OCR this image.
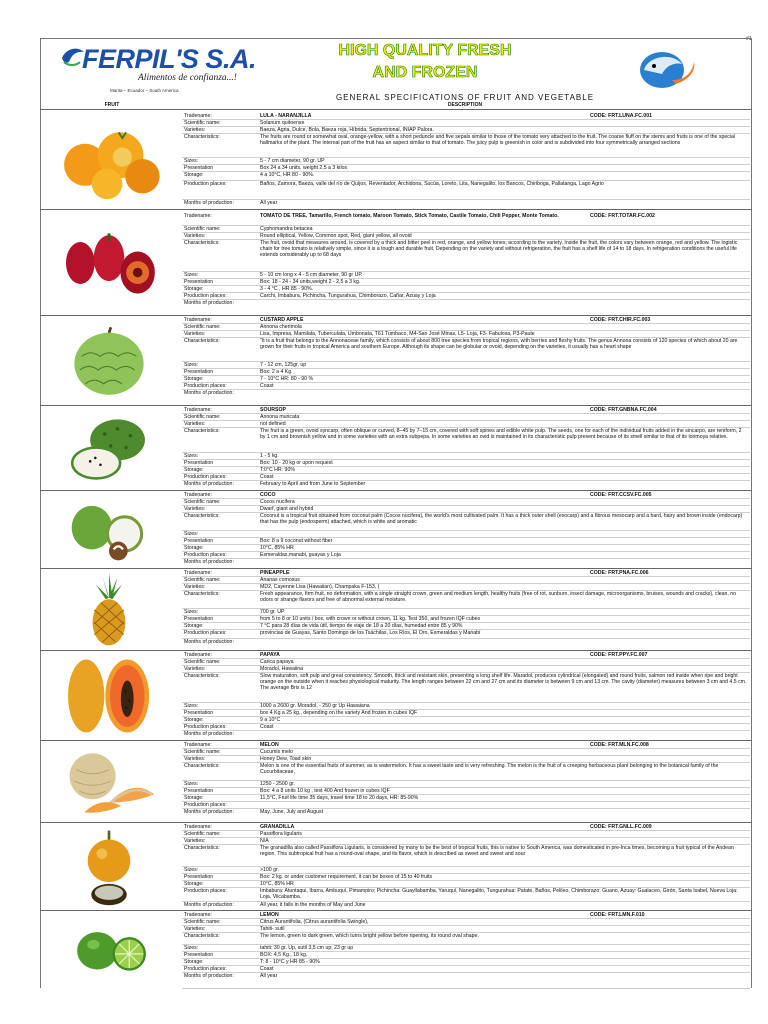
#1
FERPIL'S S.A.
Alimentos de confianza...!
Manta – Ecuador – South America
HIGH QUALITY FRESH
AND FROZEN
GENERAL SPECIFICATIONS OF FRUIT AND VEGETABLE
FRUIT	DESCRIPTION
Tradename:	LULA - NARANJILLA	CODE: FRT.LUNA.FC.001
Scientific name:	Solanum quitoense
Varieties:	Baeza, Agria, Dulce, Bola, Baeza roja, Híbrida, Septentrional, INIAP Palora.
Characteristics:	The fruits are round or somewhat oval, orange-yellow, with a short peduncle and five sepals similar to those of the tomato very attached to the fruit. The coarse fluff on the stems and fruits is one of the special hallmarks of the plant. The internal part of the fruit has an aspect similar to that of tomato. The juicy pulp is greenish in color and is subdivided into four symmetrically arranged sections
Sizes:	5 - 7 cm diameter, 90 gr. UP
Presentation	Box 24 a 34 units, weight 2,5 a 3 kilos
Storage:	4 a 10°C, HR 80 - 90%.
Production places:	Baños, Zamora, Baeza, valle del río de Quijos, Reventador, Archidona, Sucúa, Loreto, Lita, Nanegalito, los Bancos, Chiriboga, Pallatanga, Lago Agrio
Months of production:	All year
Tradename:	TOMATO DE TREE, Tamarillo, French tomato, Maroon Tomato, Stick Tomato, Castile Tomato, Chili Pepper, Monte Tomato.	CODE: FRT.TOTAR.FC.002
Scientific name:	Cyphomandra betacea
Varieties:	Round elliptical, Yellow, Common spot, Red, giant yellow, all ovoid
Characteristics:	The fruit, ovoid that measures around, is covered by a thick and bitter peel in red, orange, and yellow tones; according to the variety. Inside the fruit, the colors vary between orange, red and yellow. The logistic chain for tree tomato is relatively simple, since it is a tough and durable fruit. Depending on the variety and without refrigeration, the fruit has a shelf life of 14 to 18 days. In refrigeration conditions the useful life extends considerably up to 68 days
Sizes:	5 - 10 cm long x 4 - 5 cm diameter, 90 gr UP.
Presentation	Box: 18 - 24 - 34 units,weight 2 - 2,5 a 3 kg.
Storage:	3 - 4 °C , HR 85 - 90%.
Production places:	Carchi, Imbabura, Pichincha, Tungurahua, Chimborazo, Cañar, Azuay y Loja
Months of production:
Tradename:	CUSTARD APPLE	CODE: FRT.CHIR.FC.003
Scientific name:	Annona cherimola
Varieties:	Lisa, Impresa, Mamilata, Tuberculata, Umbonata, T61 Tumbaco, M4-San José Minas, L5- Loja, F3- Fabulosa, P3-Paute
Characteristics:	"It is a fruit that belongs to the Annonaceae family, which consists of about 800 tree species from tropical regions, with berries and fleshy fruits. The genus Annona consists of 120 species of which about 20 are grown for their fruits in tropical America and southern Europe. Although its shape can be globular or ovoid, depending on the varieties, it usually has a heart shape
Sizes:	7 - 12 cm, 125gr. up
Presentation	Box: 2 a 4 Kg.
Storage:	7 - 10°C HR: 80 - 90 %
Production places:	Coast
Months of production:
Tradename:	SOURSOP	CODE: FRT.GNBNA.FC.004
Scientific name:	Annona muricata
Varieties:	not defined
Characteristics:	The fruit is a green, ovoid syncarp, often oblique or curved, 8–45 by 7–15 cm, covered with soft spines and edible white pulp. The seeds, one for each of the individual fruits added in the sincarpo, are reniform, 2 by 1 cm and brownish yellow and in some varieties with an extra subpepa. In some varieties an ovid is maintained in its characteristic pulp present because of its smell similar to that of its lorimoya relative.
Sizes:	1 - 5 kg.
Presentation	Box: 10 - 20 kg or upon request
Storage:	T:0°C HR: 90%
Production places:	Coast
Months of production:	February to April and from June to September
Tradename:	COCO	CODE: FRT.CCSV.FC.005
Scientific name:	Cocos nucifera
Varieties:	Dwarf, giant and hybrid
Characteristics:	Coconut is a tropical fruit obtained from coconut palm (Cocos nucifera), the world's most cultivated palm. It has a thick outer shell (exocarp) and a fibrous mesocarp and a hard, hairy and brown inside (endocarp) that has the pulp (endosperm) attached, which is white and aromatic
Sizes:
Presentation	Box: 8 a 9 coconut without fiber
Storage:	10°C, 85% HR
Production places:	Esmeraldas,manabi, guayas y Loja
Months of production:
Tradename:	PINEAPPLE	CODE: FRT.PNA.FC.006
Scientific name:	Ananas comosus
Varieties:	MD2, Cayenne Lisa (Hawaiian), Champaka F-153, (
Characteristics:	Fresh appearance, firm fruit, no deformation, with a single straight crown, green and medium length, healthy fruits (free of rot, sunburn, insect damage, microorganisms, bruises, wounds and cracks), clean, no odors or strange flavors and free of abnormal external moisture.
Sizes:	700 gr. UP
Presentation	from 5 to 8 or 10 units / box, with crown or without crown, 11 kg. Test 350, and frozen IQF cubes
Storage:	7 °C para 28 días de vida útil, tiempo de viaje de 18 a 20 días, humedad entre 85 y 90%
Production places:	provincias de Guayas, Santo Domingo de los Tsáchilas, Los Ríos, El Oro, Esmeraldas y Manabí
Months of production:
Tradename:	PAPAYA	CODE: FRT.PPY.FC.007
Scientific name:	Carica papaya
Varieties:	Moradol, Hawaiina
Characteristics:	Slow maturation, soft pulp and great consistency. Smooth, thick and resistant skin, presenting a long shelf life. Maradol, produces cylindrical (elongated) and round fruits, salmon red inside when ripe and bright orange on the outside when it reaches physiological maturity. The length ranges between 22 cm and 27 cm and its diameter is between 9 cm and 13 cm. The cavity (diameter) measures between 3 cm and 4.5 cm. The average Brix is 12
Sizes:	1000 a 2600 gr. Moradol, - 250 gr Up Hawaiana
Presentation	box 4 Kg a 25 kg., depending on the variety And frozen in cubes IQF
Storage:	9 a 10°C
Production places:	Coast
Months of production:
Tradename:	MELON	CODE: FRT.MLN.FC.008
Scientific name:	Cucumis melo
Varieties:	Honey Dew, Toad skin
Characteristics:	Melon is one of the essential fruits of summer, as is watermelon. It has a sweet taste and is very refreshing. The melon is the fruit of a creeping herbaceous plant belonging to the botanical family of the Cucurbitaceae,
Sizes:	1250 - 2500 gr.
Presentation	Box: 4 a 8 units 10 kg , test 400 And frozen in cubes IQF
Storage:	11,5°C, Fruit life time 35 days, travel time 18 to 20 days, HR: 85-90%
Production places:
Months of production:	May, June, July and August
Tradename:	GRANADILLA	CODE: FRT.GNLL.FC.009
Scientific name:	Passiflora ligularis
Varieties:	N/A
Characteristics:	The granadilla also called Passiflora Ligularis, is considered by many to be the best of tropical fruits, this is native to South America, was domesticated in pre-Inca times, becoming a fruit typical of the Andean region. This subtropical fruit has a round-oval shape, and its flavor, which is described as sweet and sweet and sour
Sizes:	>100 gr.
Presentation	Box: 2 kg. or under customer requirement, it can be boxes of 15 to 40 fruits
Storage:	10°C, 85% HR
Production places:	Imbabura: Atuntaqui, Ibarra, Ambuquí, Pimampiro; Pichincha: Guayllabamba, Yaruquí, Nanegalito, Tungurahua: Patate, Baños, Pelileo, Chimborazo: Guano, Azuay: Gualaceo, Girón, Santa Isabel, Nueva Loja: Loja, Vilcabamba.
Months of production:	All year, it falls in the months of May and June
Tradename:	LEMON	CODE: FRT.LMN.F.010
Scientific name:	Citrus Aurantifolia, (Citrus aurantifolia Swingle),
Varieties:	Tahiti- sutil
Characteristics:	The lemon, green to dark green, which turns bright yellow before ripening, its round oval shape.
Sizes:	tahiti: 30 gr. Up, sutil 3,5 cm up; 23 gr up
Presentation	BOX: 4,5 Kg., 18 kg.
Storage:	T: 8 - 10°C y HR 85 - 90%
Production places:	Coast
Months of production:	All year
